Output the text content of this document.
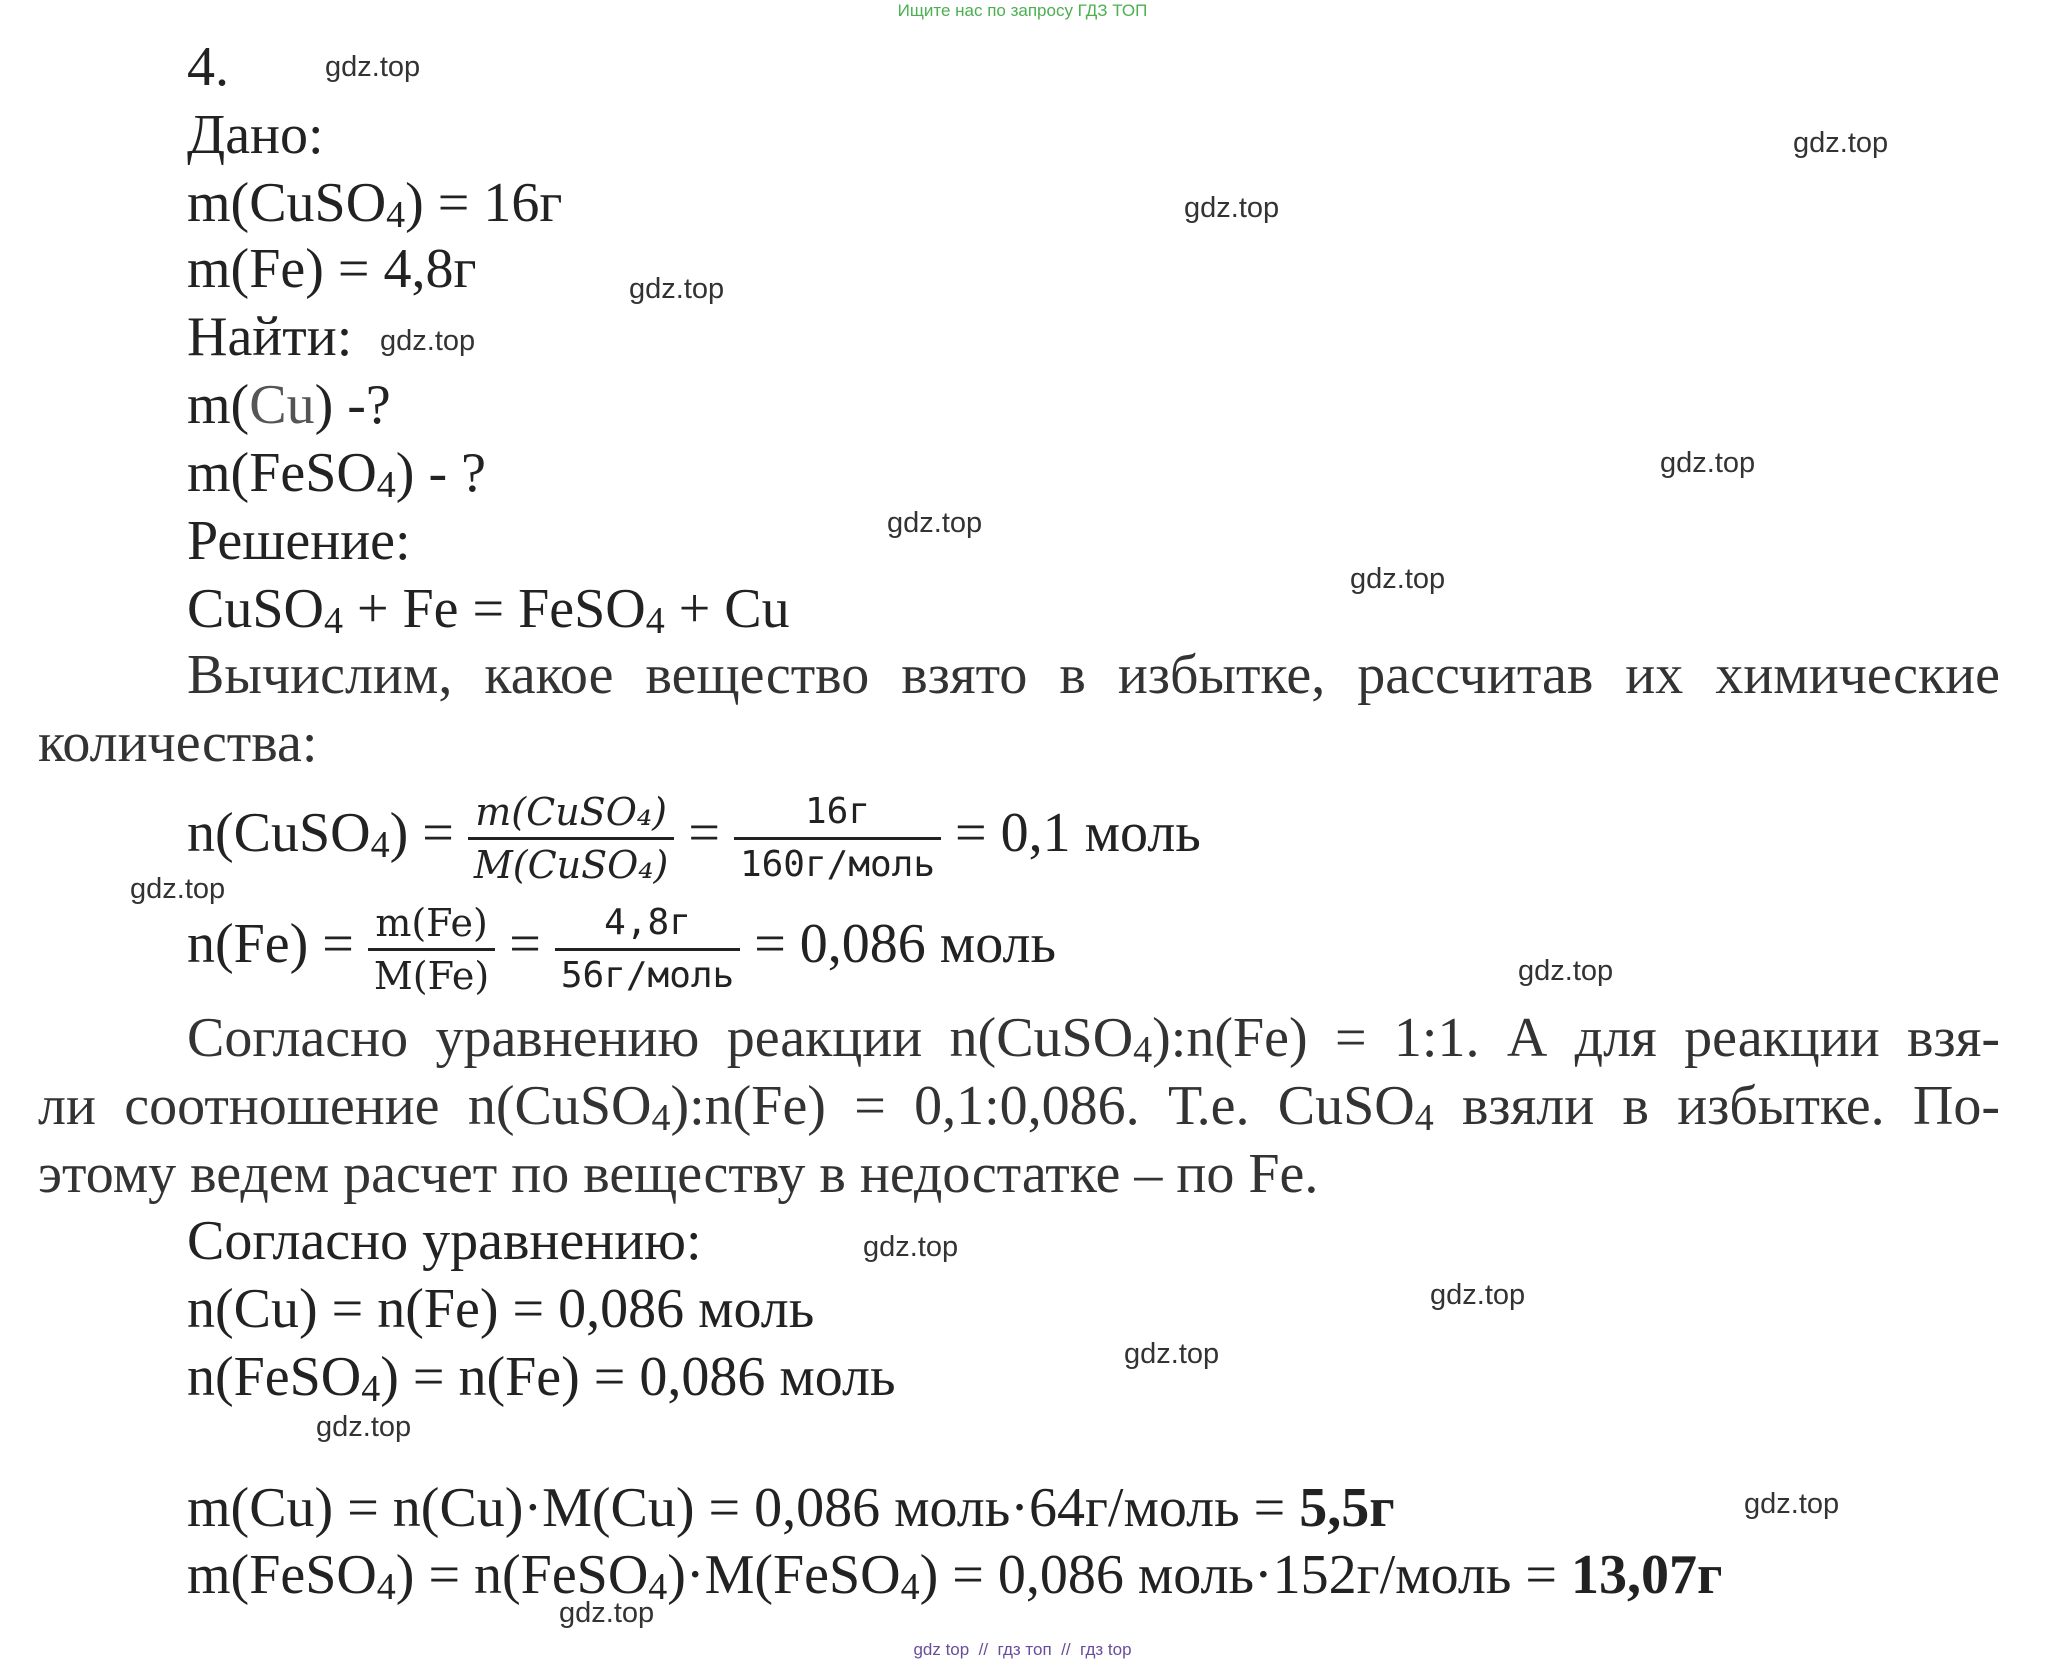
Ищите нас по запросу ГДЗ ТОП
gdz.top
gdz.top
gdz.top
gdz.top
gdz.top
gdz.top
gdz.top
gdz.top
gdz.top
gdz.top
gdz.top
gdz.top
gdz.top
gdz.top
gdz.top
gdz.top
4.
Дано:
m(CuSO$_4$) = 16г
m(Fe) = 4,8г
Найти:
m(Cu) -?
m(FeSO$_4$) - ?
Решение:
CuSO$_4$ + Fe = FeSO$_4$ + Cu
Вычислим, какое вещество взято в избытке, рассчитав их химические
количества:
n(CuSO$_4$) = $\frac{\text{m(CuSO₄)}}{\text{M(CuSO₄)}} = \frac{16г}{\text{160г/моль}} = 0,1$ моль
$n(Fe) = \frac{m(Fe)}{M(Fe)} = \frac{4,8г}{\text{56г/моль}} = 0,086$ моль
Согласно уравнению реакции n(CuSO$_4$):n(Fe) = 1:1. А для реакции взя-
ли соотношение n(CuSO$_4$):n(Fe) = 0,1:0,086. Т.е. CuSO$_4$ взяли в избытке. По-
этому ведем расчет по веществу в недостатке – по Fe.
Согласно уравнению:
n(Cu) = n(Fe) = 0,086 моль
n(FeSO$_4$) = n(Fe) = 0,086 моль
m(Cu) = n(Cu)·M(Cu) = 0,086 моль·64г/моль = 5,5г
m(FeSO$_4$) = n(FeSO$_4$)·M(FeSO$_4$) = 0,086 моль·152г/моль = 13,07г
gdz top  //  гдз топ  //  гдз top
